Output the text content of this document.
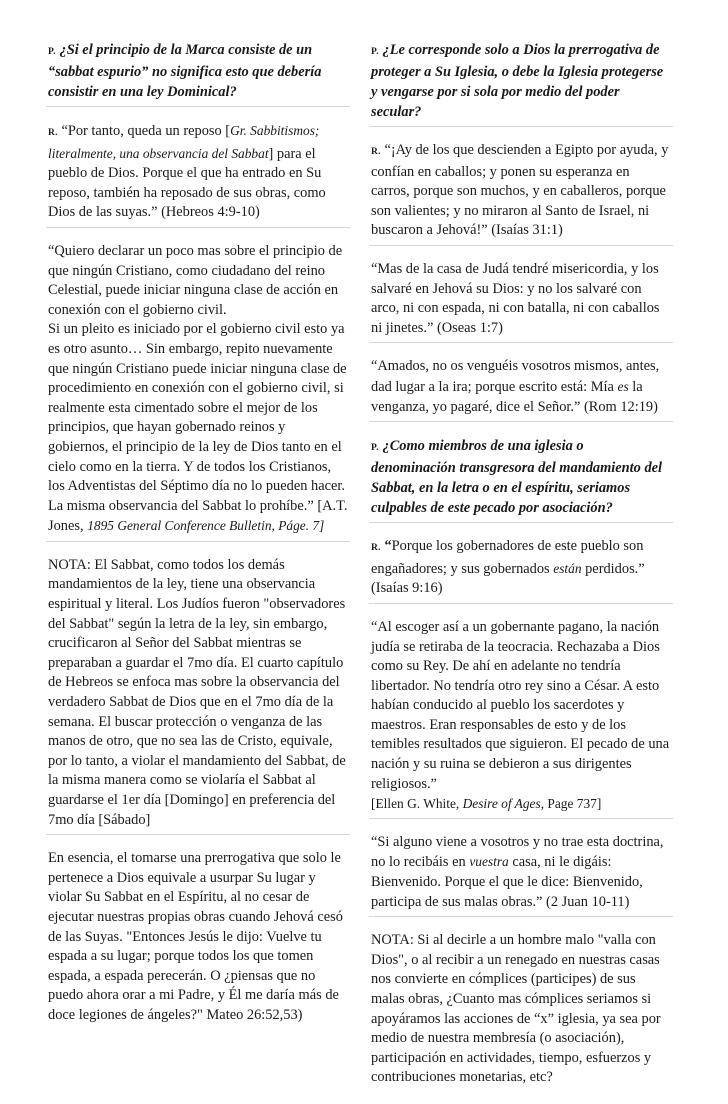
P. ¿Si el principio de la Marca consiste de un “sabbat espurio” no significa esto que debería consistir en una ley Dominical?
R. “Por tanto, queda un reposo [Gr. Sabbitismos; literalmente, una observancia del Sabbat] para el pueblo de Dios. Porque el que ha entrado en Su reposo, también ha reposado de sus obras, como Dios de las suyas.” (Hebreos 4:9-10)
“Quiero declarar un poco mas sobre el principio de que ningún Cristiano, como ciudadano del reino Celestial, puede iniciar ninguna clase de acción en conexión con el gobierno civil.
Si un pleito es iniciado por el gobierno civil esto ya es otro asunto… Sin embargo, repito nuevamente que ningún Cristiano puede iniciar ninguna clase de procedimiento en conexión con el gobierno civil, si realmente esta cimentado sobre el mejor de los principios, que hayan gobernado reinos y gobiernos, el principio de la ley de Dios tanto en el cielo como en la tierra. Y de todos los Cristianos, los Adventistas del Séptimo día no lo pueden hacer. La misma observancia del Sabbat lo prohíbe.” [A.T. Jones, 1895 General Conference Bulletin, Páge. 7]
NOTA: El Sabbat, como todos los demás mandamientos de la ley, tiene una observancia espiritual y literal. Los Judíos fueron "observadores del Sabbat" según la letra de la ley, sin embargo, crucificaron al Señor del Sabbat mientras se preparaban a guardar el 7mo día. El cuarto capítulo de Hebreos se enfoca mas sobre la observancia del verdadero Sabbat de Dios que en el 7mo día de la semana. El buscar protección o venganza de las manos de otro, que no sea las de Cristo, equivale, por lo tanto, a violar el mandamiento del Sabbat, de la misma manera como se violaría el Sabbat al guardarse el 1er día [Domingo] en preferencia del 7mo día [Sábado]
En esencia, el tomarse una prerrogativa que solo le pertenece a Dios equivale a usurpar Su lugar y violar Su Sabbat en el Espíritu, al no cesar de ejecutar nuestras propias obras cuando Jehová cesó de las Suyas. "Entonces Jesús le dijo: Vuelve tu espada a su lugar; porque todos los que tomen espada, a espada perecerán. O ¿piensas que no puedo ahora orar a mi Padre, y Él me daría más de doce legiones de ángeles?" Mateo 26:52,53)
P. ¿Le corresponde solo a Dios la prerrogativa de proteger a Su Iglesia, o debe la Iglesia protegerse y vengarse por si sola por medio del poder secular?
R. “¡Ay de los que descienden a Egipto por ayuda, y confían en caballos; y ponen su esperanza en carros, porque son muchos, y en caballeros, porque son valientes; y no miraron al Santo de Israel, ni buscaron a Jehová!” (Isaías 31:1)
“Mas de la casa de Judá tendré misericordia, y los salvaré en Jehová su Dios: y no los salvaré con arco, ni con espada, ni con batalla, ni con caballos ni jinetes.” (Oseas 1:7)
“Amados, no os venguéis vosotros mismos, antes, dad lugar a la ira; porque escrito está: Mía es la venganza, yo pagaré, dice el Señor.” (Rom 12:19)
P. ¿Como miembros de una iglesia o denominación transgresora del mandamiento del Sabbat, en la letra o en el espíritu, seriamos culpables de este pecado por asociación?
R. “Porque los gobernadores de este pueblo son engañadores; y sus gobernados están perdidos.” (Isaías 9:16)
“Al escoger así a un gobernante pagano, la nación judía se retiraba de la teocracia. Rechazaba a Dios como su Rey. De ahí en adelante no tendría libertador. No tendría otro rey sino a César. A esto habían conducido al pueblo los sacerdotes y maestros. Eran responsables de esto y de los temibles resultados que siguieron. El pecado de una nación y su ruina se debieron a sus dirigentes religiosos.”
[Ellen G. White, Desire of Ages, Page 737]
“Si alguno viene a vosotros y no trae esta doctrina, no lo recibáis en vuestra casa, ni le digáis: Bienvenido. Porque el que le dice: Bienvenido, participa de sus malas obras.” (2 Juan 10-11)
NOTA: Si al decirle a un hombre malo "valla con Dios", o al recibir a un renegado en nuestras casas nos convierte en cómplices (participes) de sus malas obras, ¿Cuanto mas cómplices seriamos si apoyáramos las acciones de “x” iglesia, ya sea por medio de nuestra membresía (o asociación), participación en actividades, tiempo, esfuerzos y contribuciones monetarias, etc?
